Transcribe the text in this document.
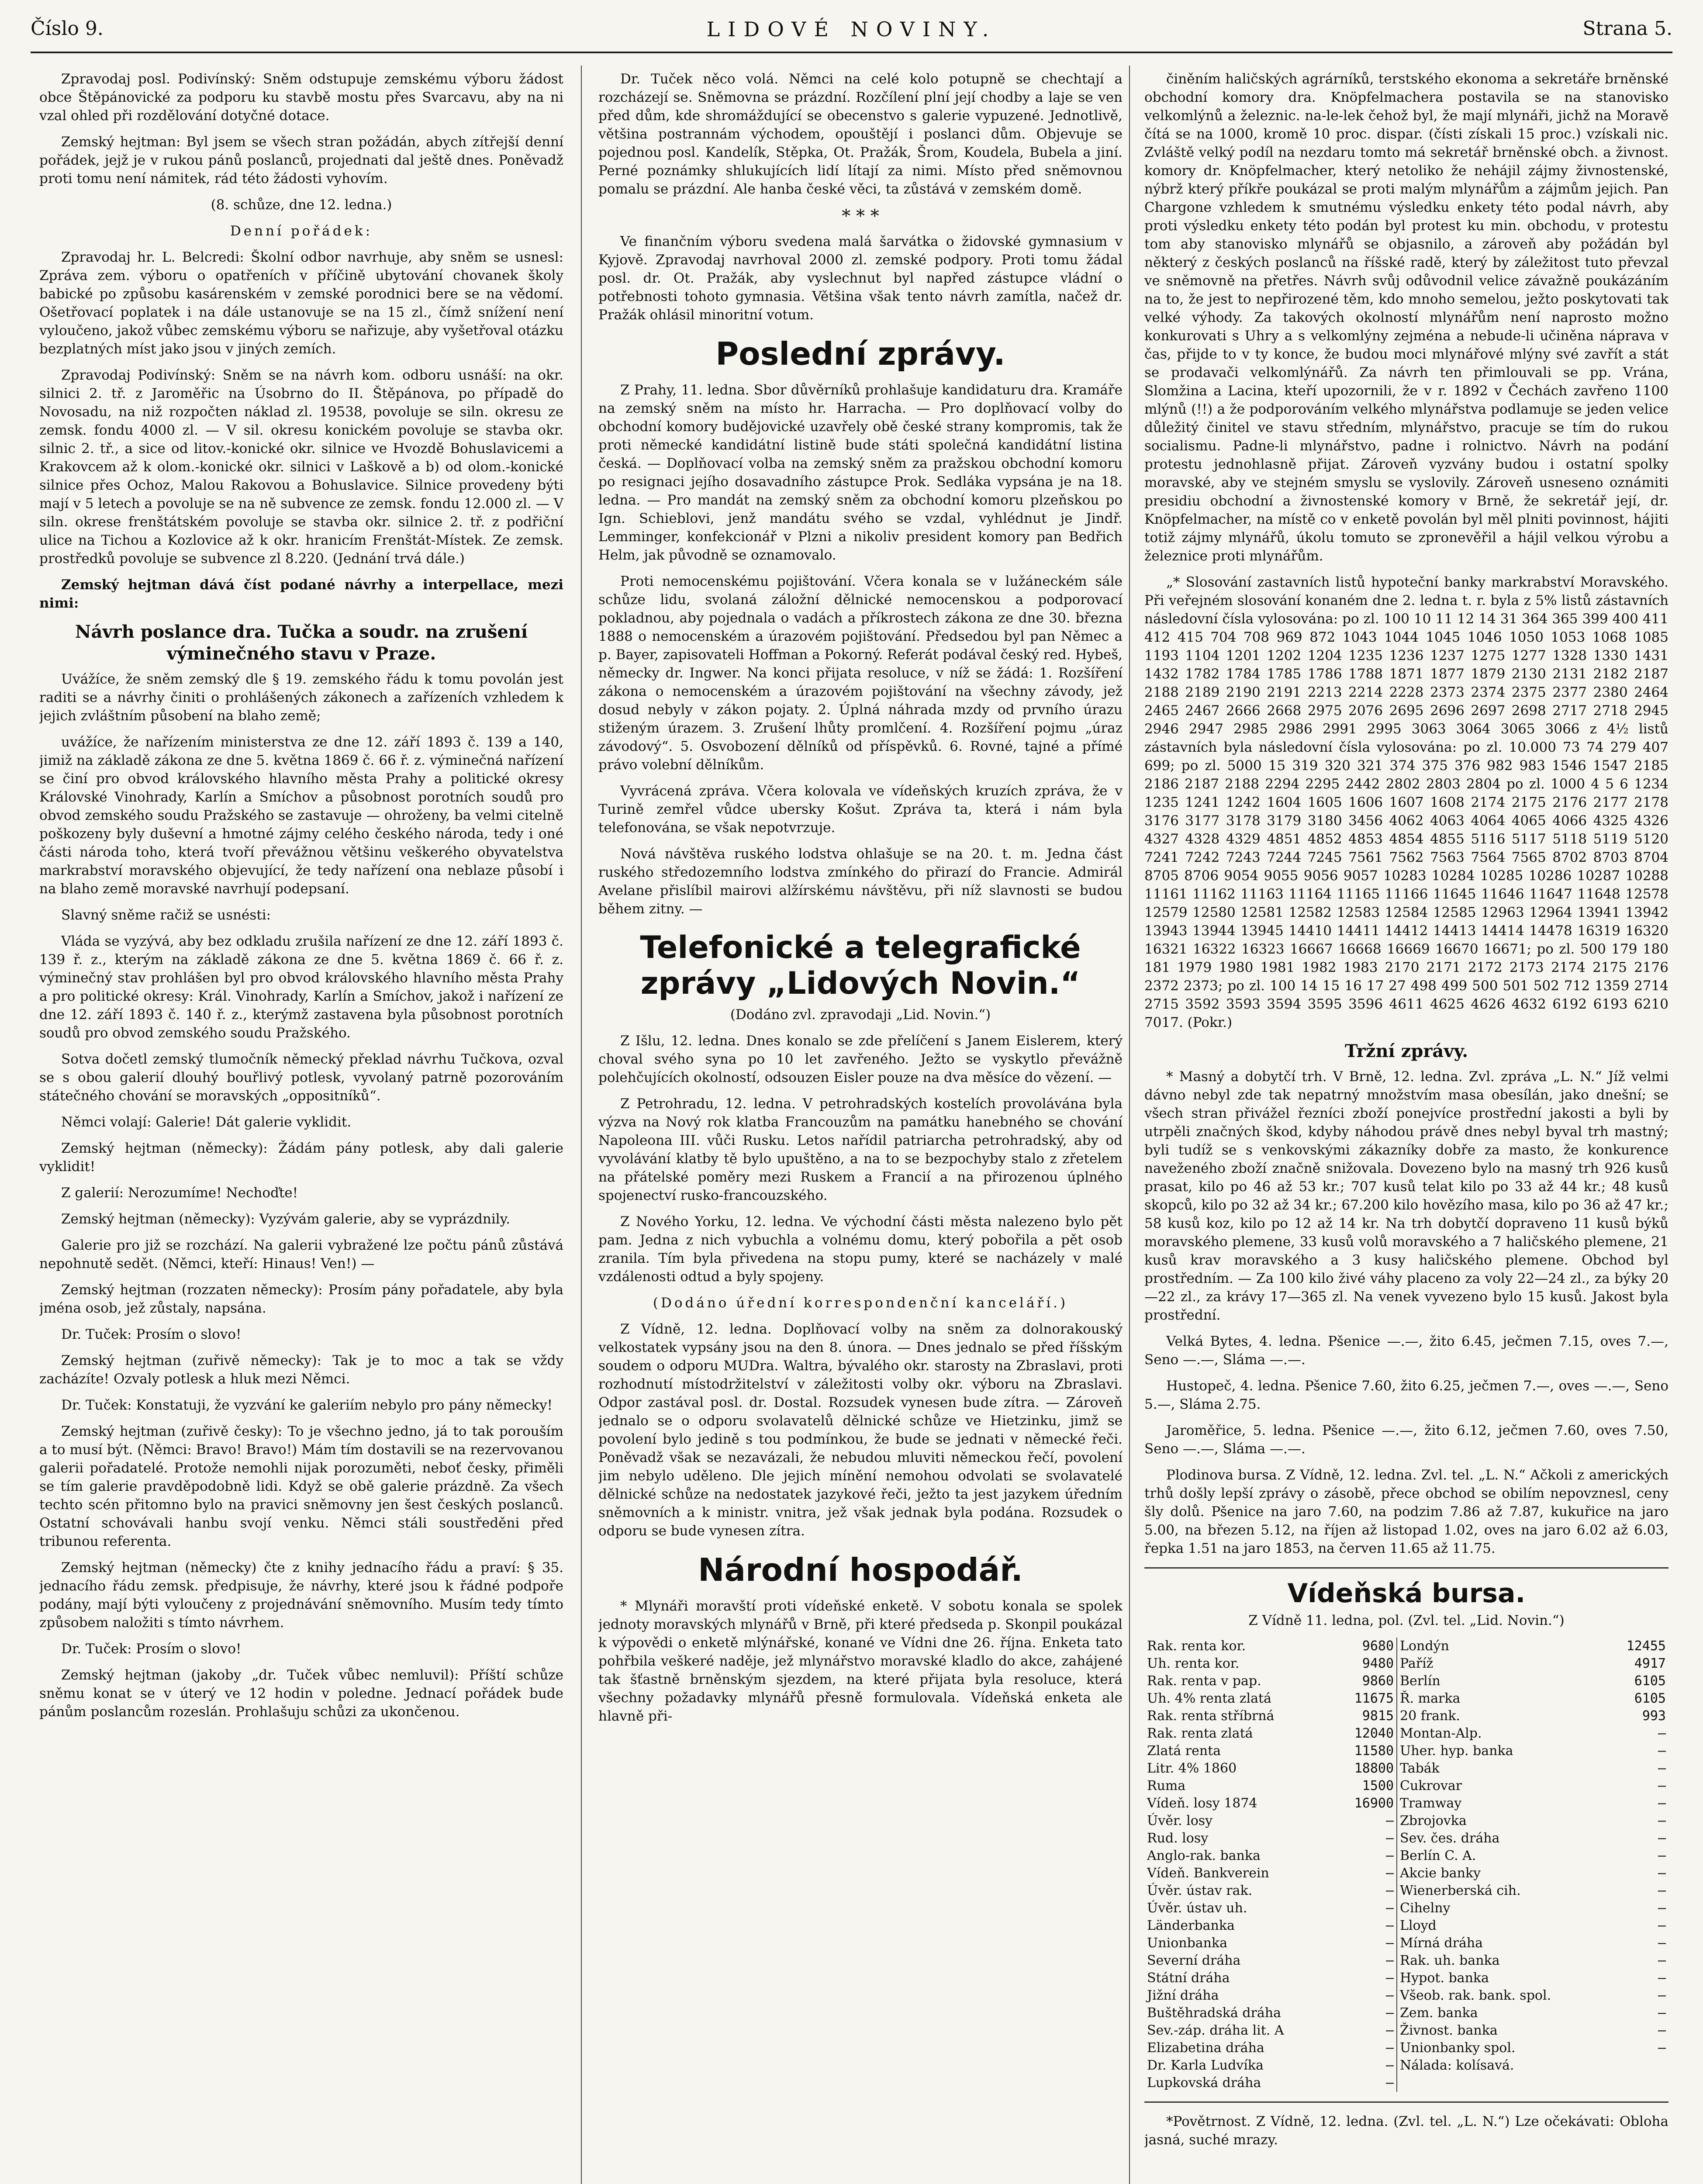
Číslo 9.	LIDOVÉ NOVINY.	Strana 5.

Zpravodaj posl. Podivínský: Sněm odstupuje zemskému výboru žádost obce Štěpánovické za podporu ku stavbě mostu přes Svarcavu, aby na ni vzal ohled při rozdělování dotyčné dotace.

Zemský hejtman: Byl jsem se všech stran požádán, abych zítřejší denní pořádek, jejž je v rukou pánů poslanců, projednati dal ještě dnes. Poněvadž proti tomu není námitek, rád této žádosti vyhovím.

(8. schůze, dne 12. ledna.)

Denní pořádek:

Zpravodaj hr. L. Belcredi: Školní odbor navrhuje, aby sněm se usnesl: Zpráva zem. výboru o opatřeních v příčině ubytování chovanek školy babické po způsobu kasárenském v zemské porodnici bere se na vědomí. Ošetřovací poplatek i na dále ustanovuje se na 15 zl., čímž snížení není vyloučeno, jakož vůbec zemskému výboru se nařizuje, aby vyšetřoval otázku bezplatných míst jako jsou v jiných zemích.

Zpravodaj Podivínský: Sněm se na návrh kom. odboru usnáší: na okr. silnici 2. tř. z Jaroměřic na Úsobrno do II. Štěpánova, po případě do Novosadu, na niž rozpočten náklad zl. 19538, povoluje se siln. okresu ze zemsk. fondu 4000 zl. — V sil. okresu konickém povoluje se stavba okr. silnic 2. tř., a sice od litov.-konické okr. silnice ve Hvozdě Bohuslavicemi a Krakovcem až k olom.-konické okr. silnici v Laškově a b) od olom.-konické silnice přes Ochoz, Malou Rakovou a Bohuslavice. Silnice provedeny býti mají v 5 letech a povoluje se na ně subvence ze zemsk. fondu 12.000 zl. — V siln. okrese frenštátském povoluje se stavba okr. silnice 2. tř. z podřiční ulice na Tichou a Kozlovice až k okr. hranicím Frenštát-Místek. Ze zemsk. prostředků povoluje se subvence zl 8.220. (Jednání trvá dále.)

Zemský hejtman dává číst podané návrhy a interpellace, mezi nimi:

Návrh poslance dra. Tučka a soudr. na zrušení výminečného stavu v Praze.

Uvážíce, že sněm zemský dle § 19. zemského řádu k tomu povolán jest raditi se a návrhy činiti o prohlášených zákonech a zařízeních vzhledem k jejich zvláštním působení na blaho země;

uvážíce, že nařízením ministerstva ze dne 12. září 1893 č. 139 a 140, jimiž na základě zákona ze dne 5. května 1869 č. 66 ř. z. výminečná nařízení se činí pro obvod královského hlavního města Prahy a politické okresy Královské Vinohrady, Karlín a Smíchov a působnost porotních soudů pro obvod zemského soudu Pražského se zastavuje — ohroženy, ba velmi citelně poškozeny byly duševní a hmotné zájmy celého českého národa, tedy i oné části národa toho, která tvoří převážnou většinu veškerého obyvatelstva markrabství moravského objevující, že tedy nařízení ona neblaze působí i na blaho země moravské navrhují podepsaní.

Slavný sněme račiž se usnésti:

Vláda se vyzývá, aby bez odkladu zrušila nařízení ze dne 12. září 1893 č. 139 ř. z., kterým na základě zákona ze dne 5. května 1869 č. 66 ř. z. výminečný stav prohlášen byl pro obvod královského hlavního města Prahy a pro politické okresy: Král. Vinohrady, Karlín a Smíchov, jakož i nařízení ze dne 12. září 1893 č. 140 ř. z., kterýmž zastavena byla působnost porotních soudů pro obvod zemského soudu Pražského.

Sotva dočetl zemský tlumočník německý překlad návrhu Tučkova, ozval se s obou galerií dlouhý bouřlivý potlesk, vyvolaný patrně pozorováním státečného chování se moravských „oppositníků“.

Němci volají: Galerie! Dát galerie vyklidit.

Zemský hejtman (německy): Žádám pány potlesk, aby dali galerie vyklidit!

Z galerií: Nerozumíme! Nechoďte!

Zemský hejtman (německy): Vyzývám galerie, aby se vyprázdnily.

Galerie pro již se rozchází. Na galerii vybražené lze počtu pánů zůstává nepohnutě sedět. (Němci, kteří: Hinaus! Ven!) —

Zemský hejtman (rozzaten německy): Prosím pány pořadatele, aby byla jména osob, jež zůstaly, napsána.

Dr. Tuček: Prosím o slovo!

Zemský hejtman (zuřivě německy): Tak je to moc a tak se vždy zacházíte! Ozvaly potlesk a hluk mezi Němci.

Dr. Tuček: Konstatuji, že vyzvání ke galeriím nebylo pro pány německy!

Zemský hejtman (zuřivě česky): To je všechno jedno, já to tak porouším a to musí být. (Němci: Bravo! Bravo!) Mám tím dostavili se na rezervovanou galerii pořadatelé. Protože nemohli nijak porozuměti, neboť česky, přiměli se tím galerie pravděpodobně lidi. Když se obě galerie prázdně. Za všech techto scén přitomno bylo na pravici sněmovny jen šest českých poslanců. Ostatní schovávali hanbu svojí venku. Němci stáli soustředěni před tribunou referenta.

Zemský hejtman (německy) čte z knihy jednacího řádu a praví: § 35. jednacího řádu zemsk. předpisuje, že návrhy, které jsou k řádné podpoře podány, mají býti vyloučeny z projednávání sněmovního. Musím tedy tímto způsobem naložiti s tímto návrhem.

Dr. Tuček: Prosím o slovo!

Zemský hejtman (jakoby „dr. Tuček vůbec nemluvil): Příští schůze sněmu konat se v úterý ve 12 hodin v poledne. Jednací pořádek bude pánům poslancům rozeslán. Prohlašuju schůzi za ukončenou.

Dr. Tuček něco volá. Němci na celé kolo potupně se chechtají a rozcházejí se. Sněmovna se prázdní. Rozčílení plní její chodby a laje se ven před dům, kde shromáždující se obecenstvo s galerie vypuzené. Jednotlivě, většina postrannám východem, opouštějí i poslanci dům. Objevuje se pojednou posl. Kandelík, Stěpka, Ot. Pražák, Šrom, Koudela, Bubela a jiní. Perné poznámky shlukujících lidí lítají za nimi. Místo před sněmovnou pomalu se prázdní. Ale hanba české věci, ta zůstává v zemském domě.

* * *

Ve finančním výboru svedena malá šarvátka o židovské gymnasium v Kyjově. Zpravodaj navrhoval 2000 zl. zemské podpory. Proti tomu žádal posl. dr. Ot. Pražák, aby vyslechnut byl napřed zástupce vládní o potřebnosti tohoto gymnasia. Většina však tento návrh zamítla, načež dr. Pražák ohlásil minoritní votum.

Poslední zprávy.

Z Prahy, 11. ledna. Sbor důvěrníků prohlašuje kandidaturu dra. Kramáře na zemský sněm na místo hr. Harracha. — Pro doplňovací volby do obchodní komory budějovické uzavřely obě české strany kompromis, tak že proti německé kandidátní listině bude státi společná kandidátní listina česká. — Doplňovací volba na zemský sněm za pražskou obchodní komoru po resignaci jejího dosavadního zástupce Prok. Sedláka vypsána je na 18. ledna. — Pro mandát na zemský sněm za obchodní komoru plzeňskou po Ign. Schieblovi, jenž mandátu svého se vzdal, vyhlédnut je Jindř. Lemminger, konfekcionář v Plzni a nikoliv president komory pan Bedřich Helm, jak původně se oznamovalo.

Proti nemocenskému pojištování. Včera konala se v lužáneckém sále schůze lidu, svolaná záložní dělnické nemocenskou a podporovací pokladnou, aby pojednala o vadách a příkrostech zákona ze dne 30. března 1888 o nemocenském a úrazovém pojištování. Předsedou byl pan Němec a p. Bayer, zapisovateli Hoffman a Pokorný. Referát podával český red. Hybeš, německy dr. Ingwer. Na konci přijata resoluce, v níž se žádá: 1. Rozšíření zákona o nemocenském a úrazovém pojištování na všechny závody, jež dosud nebyly v zákon pojaty. 2. Úplná náhrada mzdy od prvního úrazu stiženým úrazem. 3. Zrušení lhůty promlčení. 4. Rozšíření pojmu „úraz závodový“. 5. Osvobození dělníků od příspěvků. 6. Rovné, tajné a přímé právo volební dělníkům.

Vyvrácená zpráva. Včera kolovala ve vídeňských kruzích zpráva, že v Turině zemřel vůdce ubersky Košut. Zpráva ta, která i nám byla telefonována, se však nepotvrzuje.

Nová návštěva ruského lodstva ohlašuje se na 20. t. m. Jedna část ruského středozemního lodstva zmínkého do přirazí do Francie. Admirál Avelane přislíbil mairovi alžírskému návštěvu, při níž slavnosti se budou během zitny. —

Telefonické a telegrafické zprávy „Lidových Novin.“

(Dodáno zvl. zpravodaji „Lid. Novin.“)

Z Išlu, 12. ledna. Dnes konalo se zde přelíčení s Janem Eislerem, který choval svého syna po 10 let zavřeného. Ježto se vyskytlo převážně polehčujících okolností, odsouzen Eisler pouze na dva měsíce do vězení. —

Z Petrohradu, 12. ledna. V petrohradských kostelích provolávána byla výzva na Nový rok klatba Francouzům na památku hanebného se chování Napoleona III. vůči Rusku. Letos nařídil patriarcha petrohradský, aby od vyvolávání klatby tě bylo upuštěno, a na to se bezpochyby stalo z zřetelem na přátelské poměry mezi Ruskem a Francií a na přirozenou úplného spojenectví rusko-francouzského.

Z Nového Yorku, 12. ledna. Ve východní části města nalezeno bylo pět pam. Jedna z nich vybuchla a volnému domu, který pobořila a pět osob zranila. Tím byla přivedena na stopu pumy, které se nacházely v malé vzdálenosti odtud a byly spojeny.

(Dodáno úřední korrespondenční kanceláří.)

Z Vídně, 12. ledna. Doplňovací volby na sněm za dolnorakouský velkostatek vypsány jsou na den 8. února. — Dnes jednalo se před říšským soudem o odporu MUDra. Waltra, bývalého okr. starosty na Zbraslavi, proti rozhodnutí místodržitelství v záležitosti volby okr. výboru na Zbraslavi. Odpor zastával posl. dr. Dostal. Rozsudek vynesen bude zítra. — Zároveň jednalo se o odporu svolavatelů dělnické schůze ve Hietzinku, jimž se povolení bylo jedině s tou podmínkou, že bude se jednati v německé řeči. Poněvadž však se nezavázali, že nebudou mluviti německou řečí, povolení jim nebylo uděleno. Dle jejich mínění nemohou odvolati se svolavatelé dělnické schůze na nedostatek jazykové řeči, ježto ta jest jazykem úředním sněmovních a k ministr. vnitra, jež však jednak byla podána. Rozsudek o odporu se bude vynesen zítra.

Národní hospodář.

* Mlynáři moravští proti vídeňské enketě. V sobotu konala se spolek jednoty moravských mlynářů v Brně, při které předseda p. Skonpil poukázal k výpovědi o enketě mlýnářské, konané ve Vídni dne 26. října. Enketa tato pohřbila veškeré naděje, jež mlynářstvo moravské kladlo do akce, zahájené tak šťastně brněnským sjezdem, na které přijata byla resoluce, která všechny požadavky mlynářů přesně formulovala. Vídeňská enketa ale hlavně při-

činěním haličských agrárníků, terstského ekonoma a sekretáře brněnské obchodní komory dra. Knöpfelmachera postavila se na stanovisko velkomlýnů a železnic. na-le-lek čehož byl, že mají mlynáři, jichž na Moravě čítá se na 1000, kromě 10 proc. dispar. (čísti získali 15 proc.) vzískali nic. Zvláště velký podíl na nezdaru tomto má sekretář brněnské obch. a živnost. komory dr. Knöpfelmacher, který netoliko že nehájil zájmy živnostenské, nýbrž který příkře poukázal se proti malým mlynářům a zájmům jejich. Pan Chargone vzhledem k smutnému výsledku enkety této podal návrh, aby proti výsledku enkety této podán byl protest ku min. obchodu, v protestu tom aby stanovisko mlynářů se objasnilo, a zároveň aby požádán byl některý z českých poslanců na říšské radě, který by záležitost tuto převzal ve sněmovně na přetřes. Návrh svůj odůvodnil velice závažně poukázáním na to, že jest to nepřirozené těm, kdo mnoho semelou, ježto poskytovati tak velké výhody. Za takových okolností mlynářům není naprosto možno konkurovati s Uhry a s velkomlýny zejména a nebude-li učiněna náprava v čas, přijde to v ty konce, že budou moci mlynářové mlýny své zavřít a stát se prodavači velkomlýnářů. Za návrh ten přimlouvali se pp. Vrána, Slomžina a Lacina, kteří upozornili, že v r. 1892 v Čechách zavřeno 1100 mlýnů (!!) a že podporováním velkého mlynářstva podlamuje se jeden velice důležitý činitel ve stavu středním, mlynářstvo, pracuje se tím do rukou socialismu. Padne-li mlynářstvo, padne i rolnictvo. Návrh na podání protestu jednohlasně přijat. Zároveň vyzvány budou i ostatní spolky moravské, aby ve stejném smyslu se vyslovily. Zároveň usneseno oznámiti presidiu obchodní a živnostenské komory v Brně, že sekretář její, dr. Knöpfelmacher, na místě co v enketě povolán byl měl plniti povinnost, hájiti totiž zájmy mlynářů, úkolu tomuto se zpronevěřil a hájil velkou výrobu a železnice proti mlynářům.

„* Slosování zastavních listů hypoteční banky markrabství Moravského. Při veřejném slosování konaném dne 2. ledna t. r. byla z 5% listů zástavních následovní čísla vylosována: po zl. 100 10 11 12 14 31 364 365 399 400 411 412 415 704 708 969 872 1043 1044 1045 1046 1050 1053 1068 1085 1193 1104 1201 1202 1204 1235 1236 1237 1275 1277 1328 1330 1431 1432 1782 1784 1785 1786 1788 1871 1877 1879 2130 2131 2182 2187 2188 2189 2190 2191 2213 2214 2228 2373 2374 2375 2377 2380 2464 2465 2467 2666 2668 2975 2076 2695 2696 2697 2698 2717 2718 2945 2946 2947 2985 2986 2991 2995 3063 3064 3065 3066 z 4½ listů zástavních byla následovní čísla vylosována: po zl. 10.000 73 74 279 407 699; po zl. 5000 15 319 320 321 374 375 376 982 983 1546 1547 2185 2186 2187 2188 2294 2295 2442 2802 2803 2804 po zl. 1000 4 5 6 1234 1235 1241 1242 1604 1605 1606 1607 1608 2174 2175 2176 2177 2178 3176 3177 3178 3179 3180 3456 4062 4063 4064 4065 4066 4325 4326 4327 4328 4329 4851 4852 4853 4854 4855 5116 5117 5118 5119 5120 7241 7242 7243 7244 7245 7561 7562 7563 7564 7565 8702 8703 8704 8705 8706 9054 9055 9056 9057 10283 10284 10285 10286 10287 10288 11161 11162 11163 11164 11165 11166 11645 11646 11647 11648 12578 12579 12580 12581 12582 12583 12584 12585 12963 12964 13941 13942 13943 13944 13945 14410 14411 14412 14413 14414 14478 16319 16320 16321 16322 16323 16667 16668 16669 16670 16671; po zl. 500 179 180 181 1979 1980 1981 1982 1983 2170 2171 2172 2173 2174 2175 2176 2372 2373; po zl. 100 14 15 16 17 27 498 499 500 501 502 712 1359 2714 2715 3592 3593 3594 3595 3596 4611 4625 4626 4632 6192 6193 6210 7017. (Pokr.)

Tržní zprávy.

* Masný a dobytčí trh. V Brně, 12. ledna. Zvl. zpráva „L. N.“ Jíž velmi dávno nebyl zde tak nepatrný množstvím masa obesílán, jako dnešní; se všech stran přivážel řezníci zboží ponejvíce prostřední jakosti a byli by utrpěli značných škod, kdyby náhodou právě dnes nebyl byval trh mastný; byli tudíž se s venkovskými zákazníky dobře za masto, že konkurence naveženého zboží značně snižovala. Dovezeno bylo na masný trh 926 kusů prasat, kilo po 46 až 53 kr.; 707 kusů telat kilo po 33 až 44 kr.; 48 kusů skopců, kilo po 32 až 34 kr.; 67.200 kilo hovězího masa, kilo po 36 až 47 kr.; 58 kusů koz, kilo po 12 až 14 kr. Na trh dobytčí dopraveno 11 kusů býků moravského plemene, 33 kusů volů moravského a 7 haličského plemene, 21 kusů krav moravského a 3 kusy haličského plemene. Obchod byl prostředním. — Za 100 kilo živé váhy placeno za voly 22—24 zl., za býky 20—22 zl., za krávy 17—365 zl. Na venek vyvezeno bylo 15 kusů. Jakost byla prostřední.

Velká Bytes, 4. ledna. Pšenice —.—, žito 6.45, ječmen 7.15, oves 7.—, Seno —.—, Sláma —.—.

Hustopeč, 4. ledna. Pšenice 7.60, žito 6.25, ječmen 7.—, oves —.—, Seno 5.—, Sláma 2.75.

Jaroměřice, 5. ledna. Pšenice —.—, žito 6.12, ječmen 7.60, oves 7.50, Seno —.—, Sláma —.—.

Plodinova bursa. Z Vídně, 12. ledna. Zvl. tel. „L. N.“ Ačkoli z amerických trhů došly lepší zprávy o zásobě, přece obchod se obilím nepovznesl, ceny šly dolů. Pšenice na jaro 7.60, na podzim 7.86 až 7.87, kukuřice na jaro 5.00, na březen 5.12, na říjen až listopad 1.02, oves na jaro 6.02 až 6.03, řepka 1.51 na jaro 1853, na červen 11.65 až 11.75.

Vídeňská bursa.

Z Vídně 11. ledna, pol. (Zvl. tel. „Lid. Novin.“)

Rak. renta kor.	9680	Londýn	12455
Uh. renta kor.	9480	Paříž	4917
Rak. renta v pap.	9860	Berlín	6105
Uh. 4% renta zlatá	11675	Ř. marka	6105
Rak. renta stříbrná	9815	20 frank.	993
Rak. renta zlatá	12040	Montan-Alp.	—
Zlatá renta	11580	Uher. hyp. banka	—
Litr. 4% 1860	18800	Tabák	—
Ruma	1500	Cukrovar	—
Vídeň. losy 1874	16900	Tramway	—
Úvěr. losy	—	Zbrojovka	—
Rud. losy	—	Sev. čes. dráha	—
Anglo-rak. banka	—	Berlín C. A.	—
Vídeň. Bankverein	—	Akcie banky	—
Úvěr. ústav rak.	—	Wienerberská cih.	—
Úvěr. ústav uh.	—	Cihelny	—
Länderbanka	—	Lloyd	—
Unionbanka	—	Mírná dráha	—
Severní dráha	—	Rak. uh. banka	—
Státní dráha	—	Hypot. banka	—
Jižní dráha	—	Všeob. rak. bank. spol.	—
Buštěhradská dráha	—	Zem. banka	—
Sev.-záp. dráha lit. A	—	Živnost. banka	—
Elizabetina dráha	—	Unionbanky spol.	—
Dr. Karla Ludvíka	—	Nálada: kolísavá.	
Lupkovská dráha	—		

*Povětrnost. Z Vídně, 12. ledna. (Zvl. tel. „L. N.“) Lze očekávati: Obloha jasná, suché mrazy.
